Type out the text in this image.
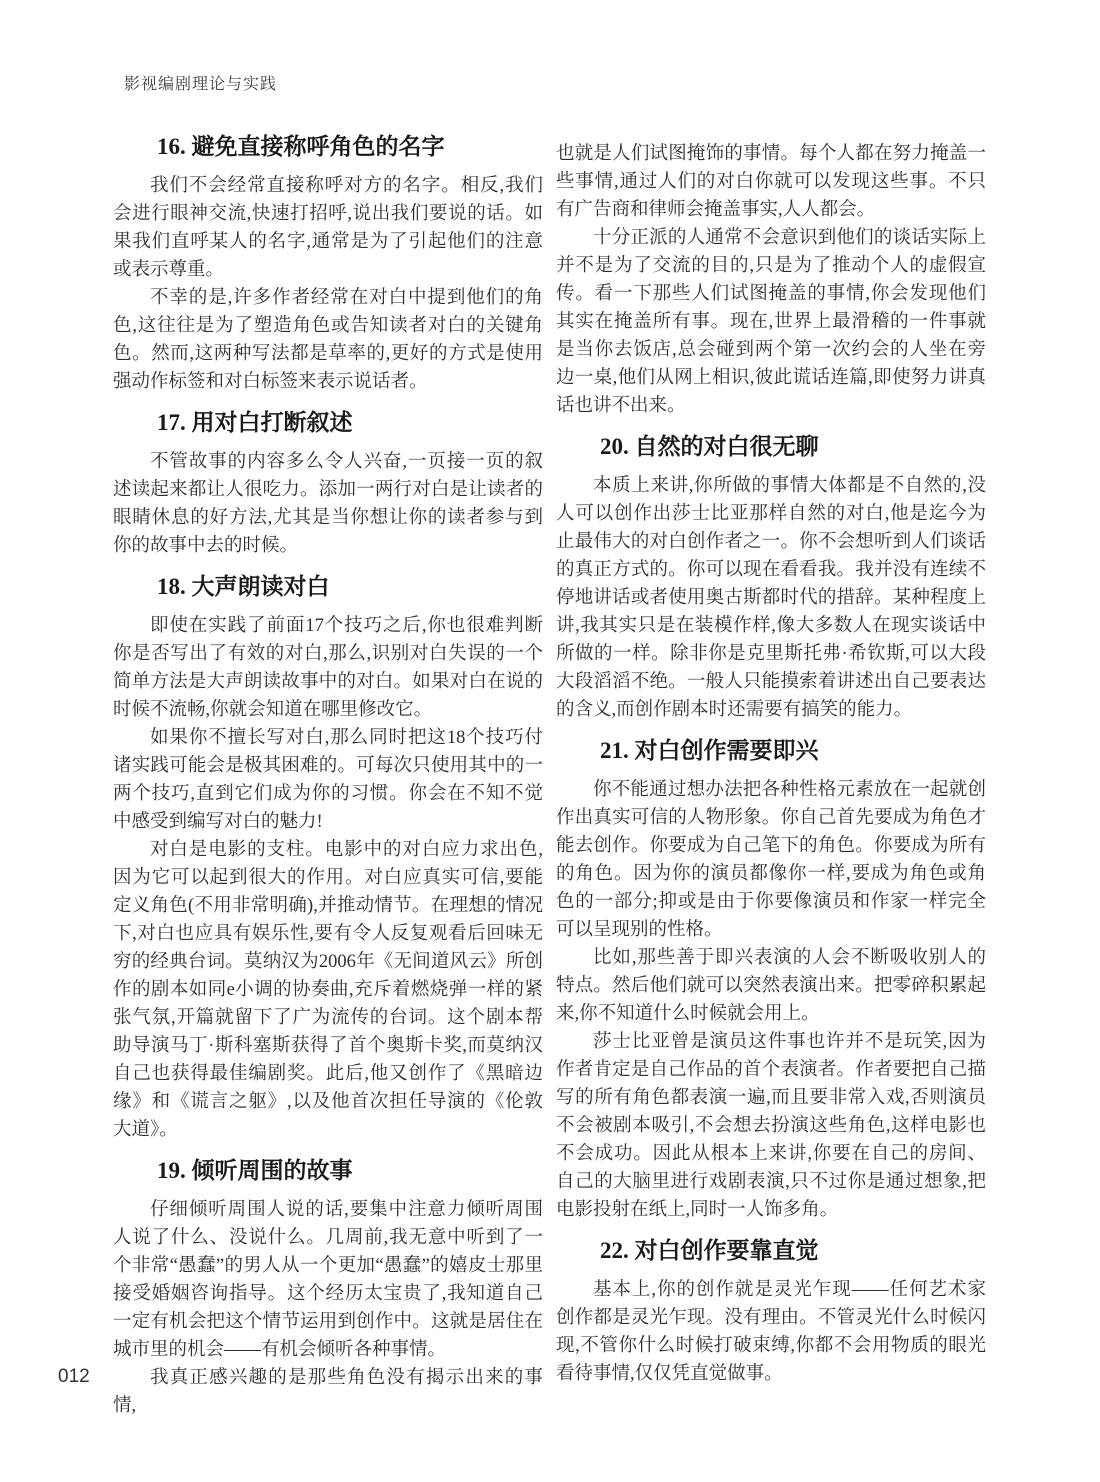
影视编剧理论与实践
16. 避免直接称呼角色的名字

我们不会经常直接称呼对方的名字。相反,我们会进行眼神交流,快速打招呼,说出我们要说的话。如果我们直呼某人的名字,通常是为了引起他们的注意或表示尊重。

不幸的是,许多作者经常在对白中提到他们的角色,这往往是为了塑造角色或告知读者对白的关键角色。然而,这两种写法都是草率的,更好的方式是使用强动作标签和对白标签来表示说话者。

17. 用对白打断叙述

不管故事的内容多么令人兴奋,一页接一页的叙述读起来都让人很吃力。添加一两行对白是让读者的眼睛休息的好方法,尤其是当你想让你的读者参与到你的故事中去的时候。

18. 大声朗读对白

即使在实践了前面17个技巧之后,你也很难判断你是否写出了有效的对白,那么,识别对白失误的一个简单方法是大声朗读故事中的对白。如果对白在说的时候不流畅,你就会知道在哪里修改它。

如果你不擅长写对白,那么同时把这18个技巧付诸实践可能会是极其困难的。可每次只使用其中的一两个技巧,直到它们成为你的习惯。你会在不知不觉中感受到编写对白的魅力!

对白是电影的支柱。电影中的对白应力求出色,因为它可以起到很大的作用。对白应真实可信,要能定义角色(不用非常明确),并推动情节。在理想的情况下,对白也应具有娱乐性,要有令人反复观看后回味无穷的经典台词。莫纳汉为2006年《无间道风云》所创作的剧本如同e小调的协奏曲,充斥着燃烧弹一样的紧张气氛,开篇就留下了广为流传的台词。这个剧本帮助导演马丁·斯科塞斯获得了首个奥斯卡奖,而莫纳汉自己也获得最佳编剧奖。此后,他又创作了《黑暗边缘》和《谎言之躯》,以及他首次担任导演的《伦敦大道》。

19. 倾听周围的故事

仔细倾听周围人说的话,要集中注意力倾听周围人说了什么、没说什么。几周前,我无意中听到了一个非常“愚蠢”的男人从一个更加“愚蠢”的嬉皮士那里接受婚姻咨询指导。这个经历太宝贵了,我知道自己一定有机会把这个情节运用到创作中。这就是居住在城市里的机会——有机会倾听各种事情。

我真正感兴趣的是那些角色没有揭示出来的事情,

也就是人们试图掩饰的事情。每个人都在努力掩盖一些事情,通过人们的对白你就可以发现这些事。不只有广告商和律师会掩盖事实,人人都会。

十分正派的人通常不会意识到他们的谈话实际上并不是为了交流的目的,只是为了推动个人的虚假宣传。看一下那些人们试图掩盖的事情,你会发现他们其实在掩盖所有事。现在,世界上最滑稽的一件事就是当你去饭店,总会碰到两个第一次约会的人坐在旁边一桌,他们从网上相识,彼此谎话连篇,即使努力讲真话也讲不出来。

20. 自然的对白很无聊

本质上来讲,你所做的事情大体都是不自然的,没人可以创作出莎士比亚那样自然的对白,他是迄今为止最伟大的对白创作者之一。你不会想听到人们谈话的真正方式的。你可以现在看看我。我并没有连续不停地讲话或者使用奥古斯都时代的措辞。某种程度上讲,我其实只是在装模作样,像大多数人在现实谈话中所做的一样。除非你是克里斯托弗·希钦斯,可以大段大段滔滔不绝。一般人只能摸索着讲述出自己要表达的含义,而创作剧本时还需要有搞笑的能力。

21. 对白创作需要即兴

你不能通过想办法把各种性格元素放在一起就创作出真实可信的人物形象。你自己首先要成为角色才能去创作。你要成为自己笔下的角色。你要成为所有的角色。因为你的演员都像你一样,要成为角色或角色的一部分;抑或是由于你要像演员和作家一样完全可以呈现别的性格。

比如,那些善于即兴表演的人会不断吸收别人的特点。然后他们就可以突然表演出来。把零碎积累起来,你不知道什么时候就会用上。

莎士比亚曾是演员这件事也许并不是玩笑,因为作者肯定是自己作品的首个表演者。作者要把自己描写的所有角色都表演一遍,而且要非常入戏,否则演员不会被剧本吸引,不会想去扮演这些角色,这样电影也不会成功。因此从根本上来讲,你要在自己的房间、自己的大脑里进行戏剧表演,只不过你是通过想象,把电影投射在纸上,同时一人饰多角。

22. 对白创作要靠直觉

基本上,你的创作就是灵光乍现——任何艺术家创作都是灵光乍现。没有理由。不管灵光什么时候闪现,不管你什么时候打破束缚,你都不会用物质的眼光看待事情,仅仅凭直觉做事。

012
